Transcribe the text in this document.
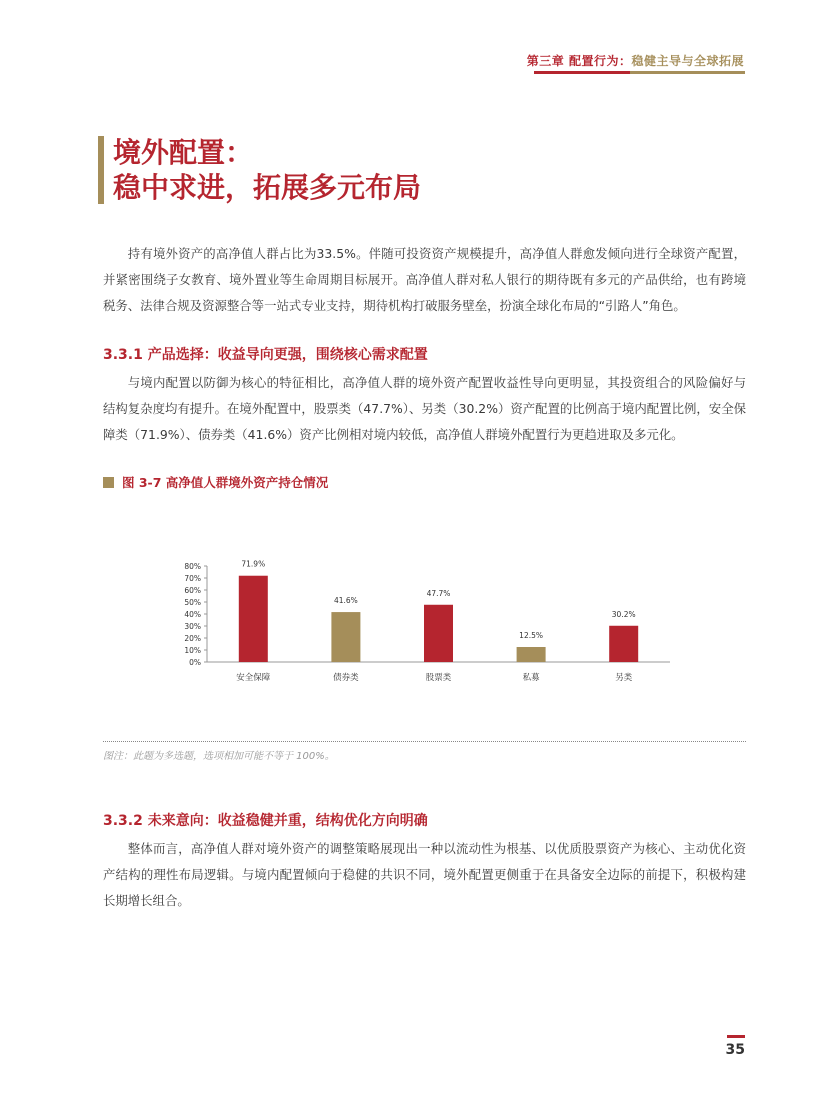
第三章 配置行为：稳健主导与全球拓展
境外配置：
稳中求进，拓展多元布局
持有境外资产的高净值人群占比为33.5%。伴随可投资资产规模提升，高净值人群愈发倾向进行全球资产配置，并紧密围绕子女教育、境外置业等生命周期目标展开。高净值人群对私人银行的期待既有多元的产品供给，也有跨境税务、法律合规及资源整合等一站式专业支持，期待机构打破服务壁垒，扮演全球化布局的“引路人”角色。
3.3.1 产品选择：收益导向更强，围绕核心需求配置
与境内配置以防御为核心的特征相比，高净值人群的境外资产配置收益性导向更明显，其投资组合的风险偏好与结构复杂度均有提升。在境外配置中，股票类（47.7%）、另类（30.2%）资产配置的比例高于境内配置比例，安全保障类（71.9%）、债券类（41.6%）资产比例相对境内较低，高净值人群境外配置行为更趋进取及多元化。
图 3-7 高净值人群境外资产持仓情况
0%
10%
20%
30%
40%
50%
60%
70%
80%	71.9%
安全保障
41.6%
债券类
47.7%
股票类
12.5%
私募
30.2%
另类
图注：此题为多选题，选项相加可能不等于 100%。
3.3.2 未来意向：收益稳健并重，结构优化方向明确
整体而言，高净值人群对境外资产的调整策略展现出一种以流动性为根基、以优质股票资产为核心、主动优化资产结构的理性布局逻辑。与境内配置倾向于稳健的共识不同，境外配置更侧重于在具备安全边际的前提下，积极构建长期增长组合。
35
